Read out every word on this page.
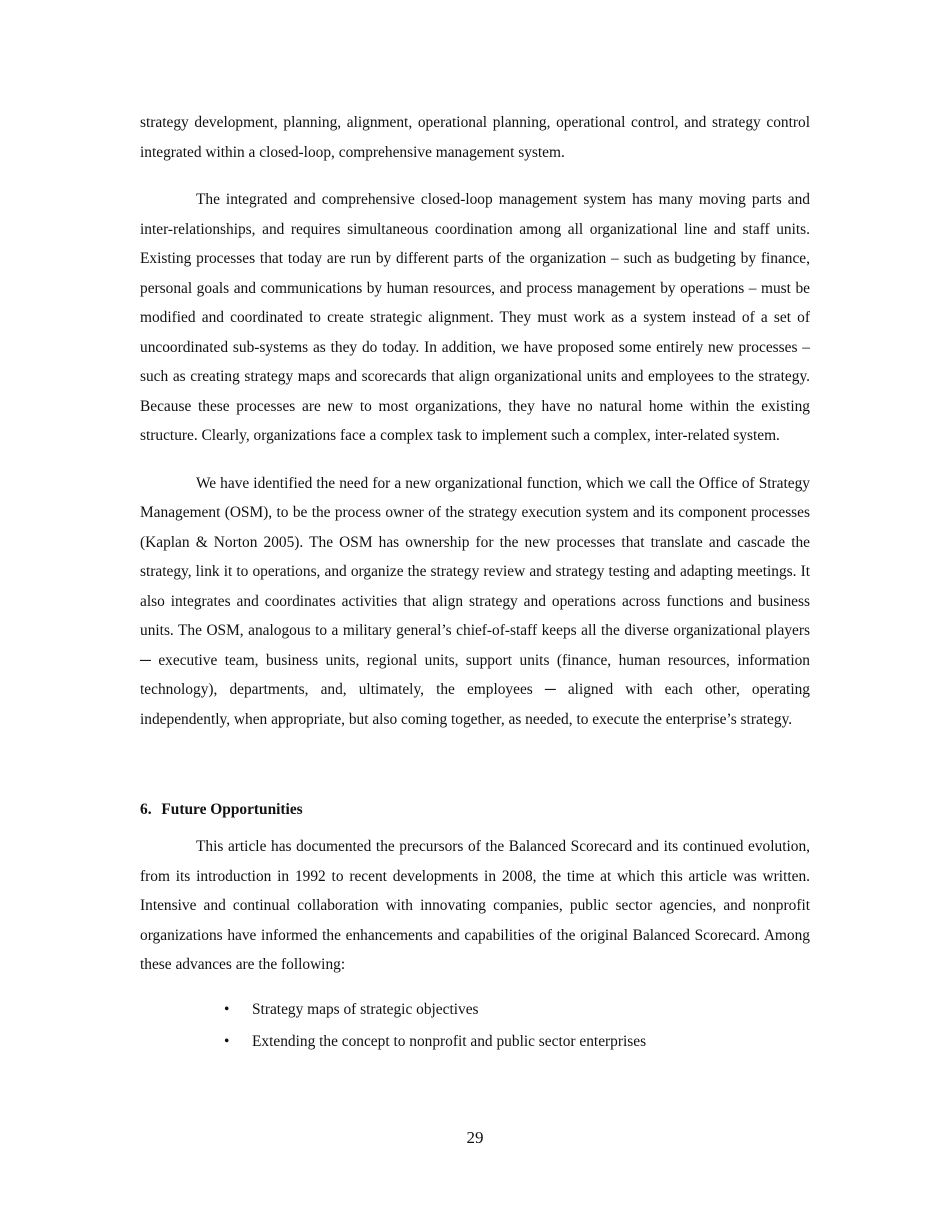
strategy development, planning, alignment, operational planning, operational control, and strategy control integrated within a closed-loop, comprehensive management system.

The integrated and comprehensive closed-loop management system has many moving parts and inter-relationships, and requires simultaneous coordination among all organizational line and staff units. Existing processes that today are run by different parts of the organization – such as budgeting by finance, personal goals and communications by human resources, and process management by operations – must be modified and coordinated to create strategic alignment. They must work as a system instead of a set of uncoordinated sub-systems as they do today. In addition, we have proposed some entirely new processes – such as creating strategy maps and scorecards that align organizational units and employees to the strategy. Because these processes are new to most organizations, they have no natural home within the existing structure. Clearly, organizations face a complex task to implement such a complex, inter-related system.

We have identified the need for a new organizational function, which we call the Office of Strategy Management (OSM), to be the process owner of the strategy execution system and its component processes (Kaplan & Norton 2005). The OSM has ownership for the new processes that translate and cascade the strategy, link it to operations, and organize the strategy review and strategy testing and adapting meetings. It also integrates and coordinates activities that align strategy and operations across functions and business units. The OSM, analogous to a military general’s chief-of-staff keeps all the diverse organizational players ─ executive team, business units, regional units, support units (finance, human resources, information technology), departments, and, ultimately, the employees ─ aligned with each other, operating independently, when appropriate, but also coming together, as needed, to execute the enterprise’s strategy.

6. Future Opportunities

This article has documented the precursors of the Balanced Scorecard and its continued evolution, from its introduction in 1992 to recent developments in 2008, the time at which this article was written. Intensive and continual collaboration with innovating companies, public sector agencies, and nonprofit organizations have informed the enhancements and capabilities of the original Balanced Scorecard. Among these advances are the following:

• Strategy maps of strategic objectives
• Extending the concept to nonprofit and public sector enterprises
29
